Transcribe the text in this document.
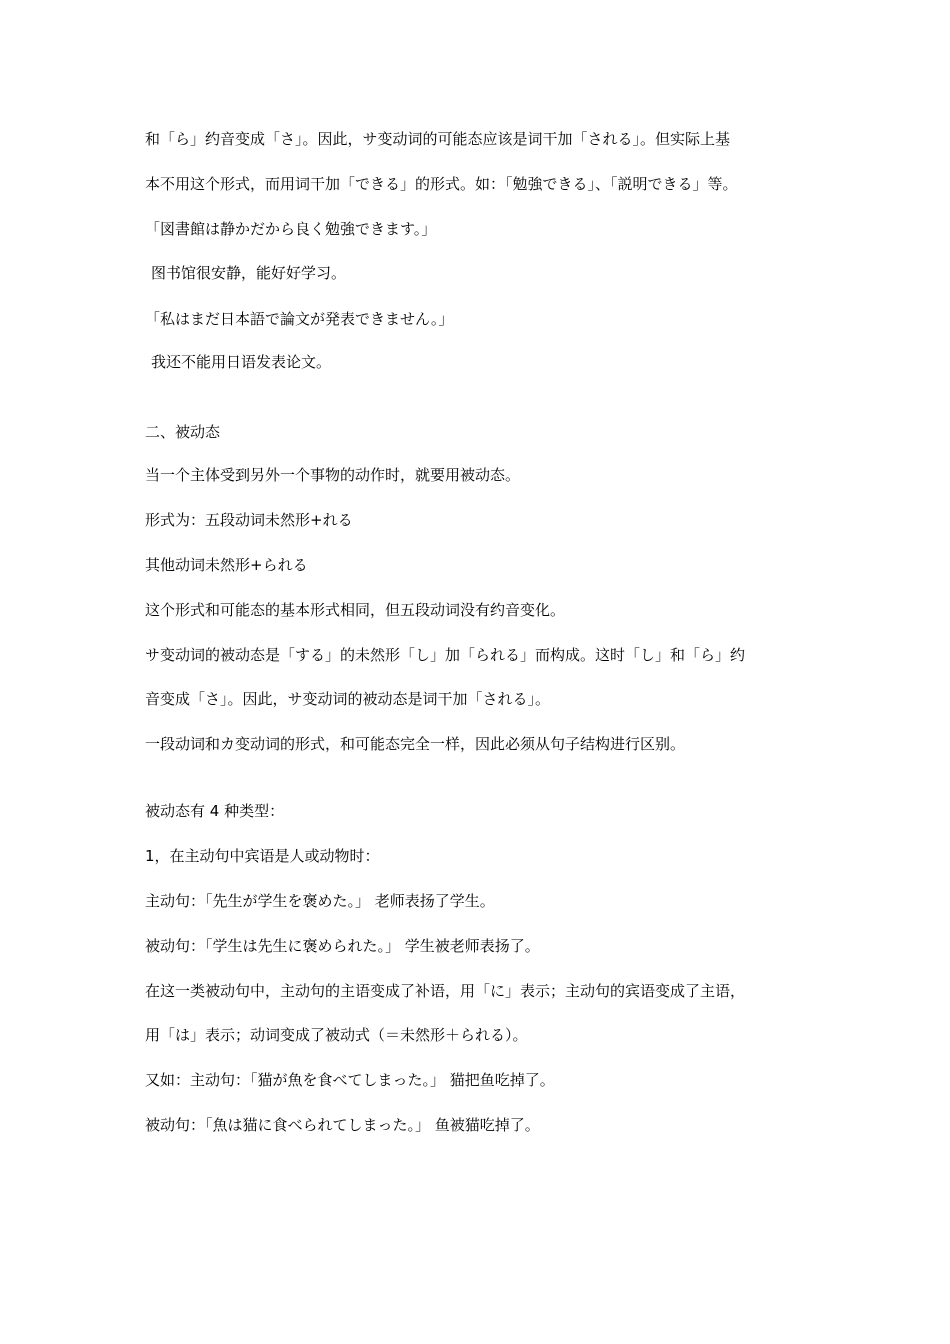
和「ら」约音变成「さ」。因此，サ变动词的可能态应该是词干加「される」。但实际上基
本不用这个形式，而用词干加「できる」的形式。如：「勉強できる」、「説明できる」等。
「図書館は静かだから良く勉強できます。」
图书馆很安静，能好好学习。
「私はまだ日本語で論文が発表できません。」
我还不能用日语发表论文。
二、被动态
当一个主体受到另外一个事物的动作时，就要用被动态。
形式为：五段动词未然形+れる
其他动词未然形+られる
这个形式和可能态的基本形式相同，但五段动词没有约音变化。
サ变动词的被动态是「する」的未然形「し」加「られる」而构成。这时「し」和「ら」约
音变成「さ」。因此，サ变动词的被动态是词干加「される」。
一段动词和カ变动词的形式，和可能态完全一样，因此必须从句子结构进行区别。
被动态有 4 种类型：
1，在主动句中宾语是人或动物时：
主动句：「先生が学生を褒めた。」 老师表扬了学生。
被动句：「学生は先生に褒められた。」 学生被老师表扬了。
在这一类被动句中，主动句的主语变成了补语，用「に」表示；主动句的宾语变成了主语，
用「は」表示；动词变成了被动式（＝未然形＋られる）。
又如：主动句：「猫が魚を食べてしまった。」 猫把鱼吃掉了。
被动句：「魚は猫に食べられてしまった。」 鱼被猫吃掉了。
